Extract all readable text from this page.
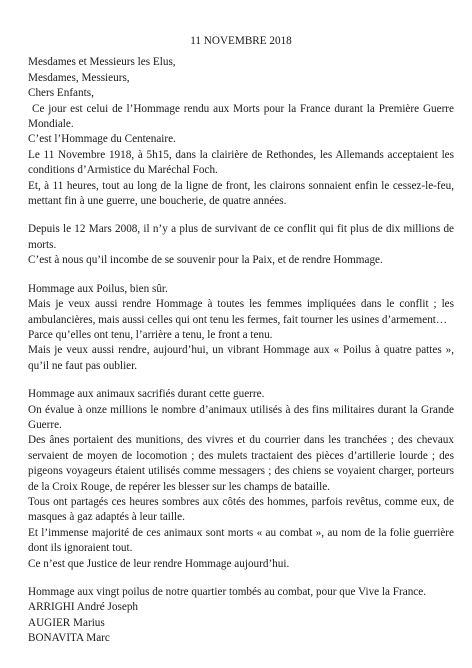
11 NOVEMBRE 2018

Mesdames et Messieurs les Elus,

Mesdames, Messieurs,

Chers Enfants,

Ce jour est celui de l’Hommage rendu aux Morts pour la France durant la Première Guerre Mondiale.

C’est l’Hommage du Centenaire.

Le 11 Novembre 1918, à 5h15, dans la clairière de Rethondes, les Allemands acceptaient les conditions d’Armistice du Maréchal Foch.

Et, à 11 heures, tout au long de la ligne de front, les clairons sonnaient enfin le cessez-le-feu, mettant fin à une guerre, une boucherie, de quatre années.

Depuis le 12 Mars 2008, il n’y a plus de survivant de ce conflit qui fit plus de dix millions de morts.

C’est à nous qu’il incombe de se souvenir pour la Paix, et de rendre Hommage.

Hommage aux Poilus, bien sûr.

Mais je veux aussi rendre Hommage à toutes les femmes impliquées dans le conflit ; les ambulancières, mais aussi celles qui ont tenu les fermes, fait tourner les usines d’armement…

Parce qu’elles ont tenu, l’arrière a tenu, le front a tenu.

Mais je veux aussi rendre, aujourd’hui, un vibrant Hommage aux « Poilus à quatre pattes », qu’il ne faut pas oublier.

Hommage aux animaux sacrifiés durant cette guerre.

On évalue à onze millions le nombre d’animaux utilisés à des fins militaires durant la Grande Guerre.

Des ânes portaient des munitions, des vivres et du courrier dans les tranchées ; des chevaux servaient de moyen de locomotion ; des mulets tractaient des pièces d’artillerie lourde ; des pigeons voyageurs étaient utilisés comme messagers ; des chiens se voyaient charger, porteurs de la Croix Rouge, de repérer les blesser sur les champs de bataille.

Tous ont partagés ces heures sombres aux côtés des hommes, parfois revêtus, comme eux, de masques à gaz adaptés à leur taille.

Et l’immense majorité de ces animaux sont morts « au combat », au nom de la folie guerrière dont ils ignoraient tout.

Ce n’est que Justice de leur rendre Hommage aujourd’hui.

Hommage aux vingt poilus de notre quartier tombés au combat, pour que Vive la France.

ARRIGHI André Joseph

AUGIER Marius

BONAVITA Marc
